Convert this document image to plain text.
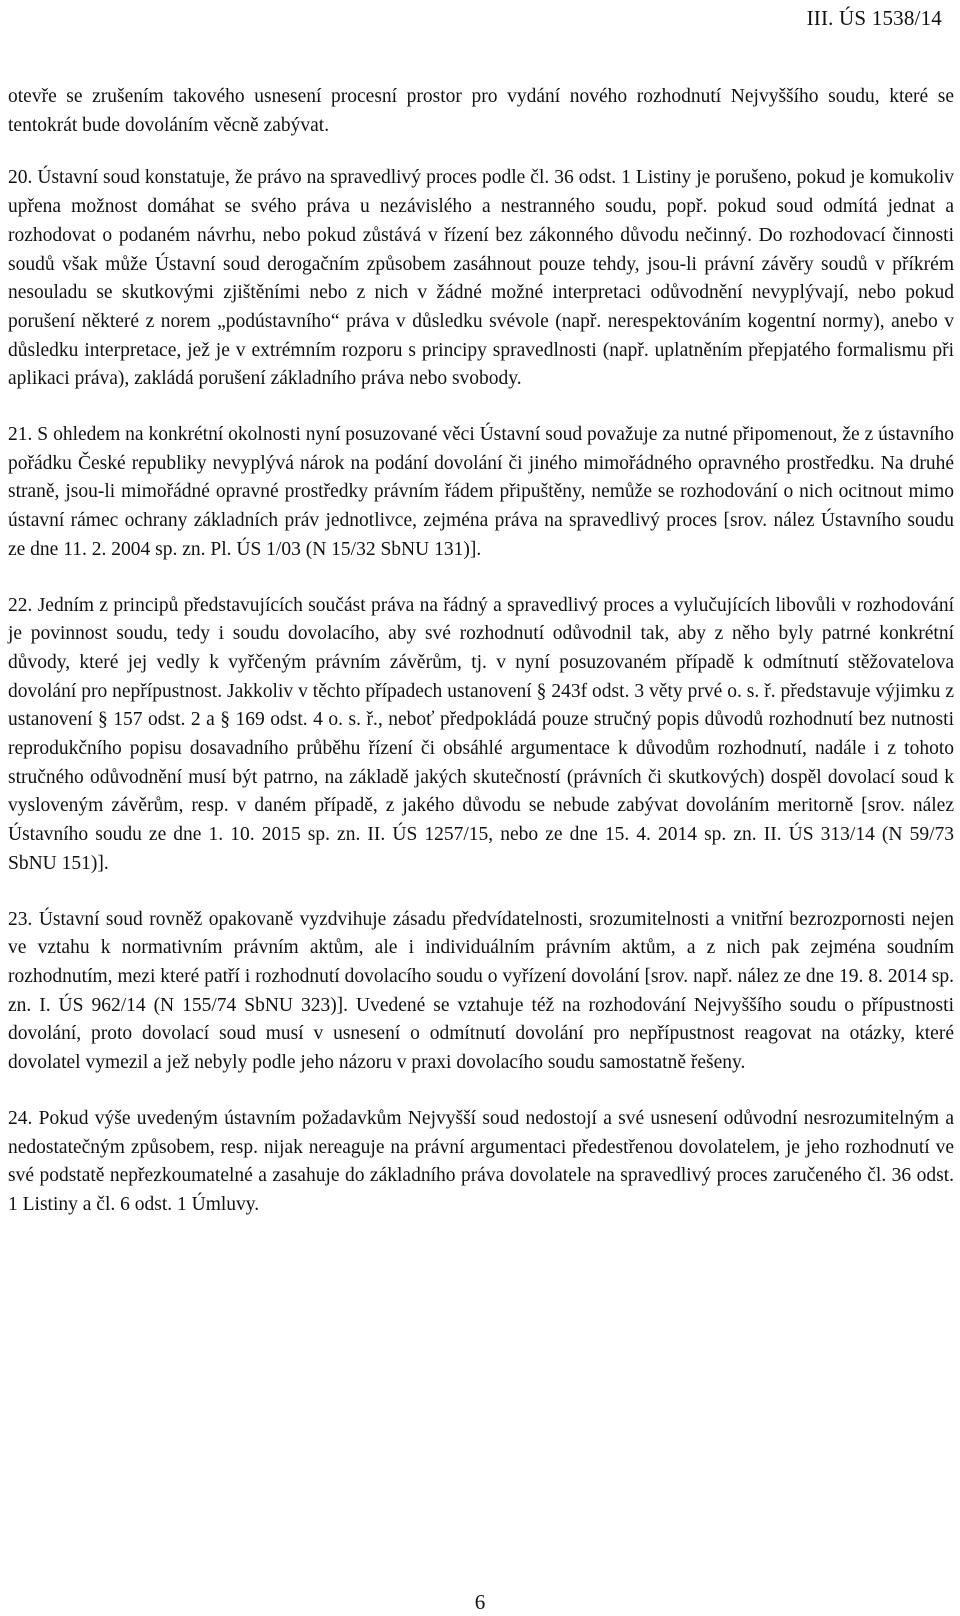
III. ÚS 1538/14

otevře se zrušením takového usnesení procesní prostor pro vydání nového rozhodnutí Nejvyššího soudu, které se tentokrát bude dovoláním věcně zabývat.

20. Ústavní soud konstatuje, že právo na spravedlivý proces podle čl. 36 odst. 1 Listiny je porušeno, pokud je komukoliv upřena možnost domáhat se svého práva u nezávislého a nestranného soudu, popř. pokud soud odmítá jednat a rozhodovat o podaném návrhu, nebo pokud zůstává v řízení bez zákonného důvodu nečinný. Do rozhodovací činnosti soudů však může Ústavní soud derogačním způsobem zasáhnout pouze tehdy, jsou-li právní závěry soudů v příkrém nesouladu se skutkovými zjištěními nebo z nich v žádné možné interpretaci odůvodnění nevyplývají, nebo pokud porušení některé z norem „podústavního“ práva v důsledku svévole (např. nerespektováním kogentní normy), anebo v důsledku interpretace, jež je v extrémním rozporu s principy spravedlnosti (např. uplatněním přepjatého formalismu při aplikaci práva), zakládá porušení základního práva nebo svobody.

21. S ohledem na konkrétní okolnosti nyní posuzované věci Ústavní soud považuje za nutné připomenout, že z ústavního pořádku České republiky nevyplývá nárok na podání dovolání či jiného mimořádného opravného prostředku. Na druhé straně, jsou-li mimořádné opravné prostředky právním řádem připuštěny, nemůže se rozhodování o nich ocitnout mimo ústavní rámec ochrany základních práv jednotlivce, zejména práva na spravedlivý proces [srov. nález Ústavního soudu ze dne 11. 2. 2004 sp. zn. Pl. ÚS 1/03 (N 15/32 SbNU 131)].

22. Jedním z principů představujících součást práva na řádný a spravedlivý proces a vylučujících libovůli v rozhodování je povinnost soudu, tedy i soudu dovolacího, aby své rozhodnutí odůvodnil tak, aby z něho byly patrné konkrétní důvody, které jej vedly k vyřčeným právním závěrům, tj. v nyní posuzovaném případě k odmítnutí stěžovatelova dovolání pro nepřípustnost. Jakkoliv v těchto případech ustanovení § 243f odst. 3 věty prvé o. s. ř. představuje výjimku z ustanovení § 157 odst. 2 a § 169 odst. 4 o. s. ř., neboť předpokládá pouze stručný popis důvodů rozhodnutí bez nutnosti reprodukčního popisu dosavadního průběhu řízení či obsáhlé argumentace k důvodům rozhodnutí, nadále i z tohoto stručného odůvodnění musí být patrno, na základě jakých skutečností (právních či skutkových) dospěl dovolací soud k vysloveným závěrům, resp. v daném případě, z jakého důvodu se nebude zabývat dovoláním meritorně [srov. nález Ústavního soudu ze dne 1. 10. 2015 sp. zn. II. ÚS 1257/15, nebo ze dne 15. 4. 2014 sp. zn. II. ÚS 313/14 (N 59/73 SbNU 151)].

23. Ústavní soud rovněž opakovaně vyzdvihuje zásadu předvídatelnosti, srozumitelnosti a vnitřní bezrozpornosti nejen ve vztahu k normativním právním aktům, ale i individuálním právním aktům, a z nich pak zejména soudním rozhodnutím, mezi které patří i rozhodnutí dovolacího soudu o vyřízení dovolání [srov. např. nález ze dne 19. 8. 2014 sp. zn. I. ÚS 962/14 (N 155/74 SbNU 323)]. Uvedené se vztahuje též na rozhodování Nejvyššího soudu o přípustnosti dovolání, proto dovolací soud musí v usnesení o odmítnutí dovolání pro nepřípustnost reagovat na otázky, které dovolatel vymezil a jež nebyly podle jeho názoru v praxi dovolacího soudu samostatně řešeny.

24. Pokud výše uvedeným ústavním požadavkům Nejvyšší soud nedostojí a své usnesení odůvodní nesrozumitelným a nedostatečným způsobem, resp. nijak nereaguje na právní argumentaci předestřenou dovolatelem, je jeho rozhodnutí ve své podstatě nepřezkoumatelné a zasahuje do základního práva dovolatele na spravedlivý proces zaručeného čl. 36 odst. 1 Listiny a čl. 6 odst. 1 Úmluvy.

6
